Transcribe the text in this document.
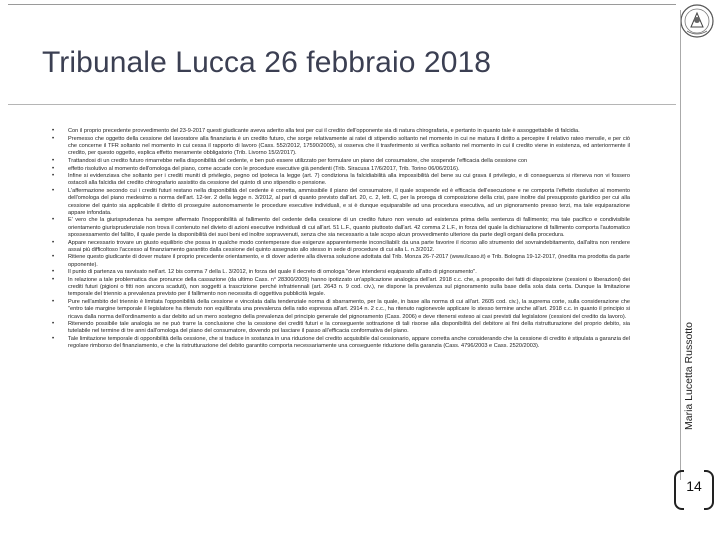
Tribunale Lucca 26 febbraio 2018
Maria Lucetta Russotto
• Con il proprio precedente provvedimento del 23-9-2017 questi giudicante aveva aderito alla tesi per cui il credito dell'opponente sia di natura chirografaria, e pertanto in quanto tale è assoggettabile di falcidia.
• Premesso che oggetto della cessione del lavoratore alla finanziaria è un credito futuro, che sorge relativamente ai ratei di stipendio soltanto nel momento in cui ne matura il diritto a percepire il relativo rateo mensile, e per ciò che concerne il TFR soltanto nel momento in cui cessa il rapporto di lavoro (Cass. 552/2012, 17590/2005), si osserva che il trasferimento si verifica soltanto nel momento in cui il credito viene in esistenza, ed anteriormente il credito, per questo oggetto, esplica effetto meramente obbligatorio (Trib. Livorno 15/2/2017).
• Trattandosi di un credito futuro rimarrebbe nella disponibilità del cedente, e ben può essere utilizzato per formulare un piano del consumatore, che sospende l'efficacia della cessione con
• effetto risolutivo al momento dell'omologa del piano, come accade con le procedure esecutive già pendenti (Trib. Siracusa 17/6/2017, Trib. Torino 06/06/2016).
• Infine si evidenziava che soltanto per i crediti muniti di privilegio, pegno od ipoteca la legge (art. 7) condiziona la falcidiabilità alla impossibilità del bene su cui grava il privilegio, e di conseguenza si riteneva non vi fossero ostacoli alla falcidia del credito chirografario assistito da cessione del quinto di uno stipendio o pensione.
• L'affermazione secondo cui i crediti futuri restano nella disponibilità del cedente è corretta, ammissibile il piano del consumatore, il quale sospende ed è efficacia dell'esecuzione e ne comporta l'effetto risolutivo al momento dell'omologa del piano medesimo a norma dell'art. 12-ter. 2 della legge n. 3/2012, al pari di quanto previsto dall'art. 20, c. 2, lett. C, per la proroga di composizione della crisi, pare inoltre dal presupposto giuridico per cui alla cessione del quinto sia applicabile il diritto di proseguire autonomamente le procedure esecutive individuali, e si è dunque equiparabile ad una procedura esecutiva, ad un pignoramento presso terzi, ma tale equiparazione appare infondata.
• E' vero che la giurisprudenza ha sempre affermato l'inopponibilità al fallimento del cedente della cessione di un credito futuro non venuto ad esistenza prima della sentenza di fallimento; ma tale pacifico e condivisibile orientamento giurisprudenziale non trova il contenuto nel divieto di azioni esecutive individuali di cui all'art. 51 L.F., quanto piuttosto dall'art. 42 comma 2 L.F., in forza del quale la dichiarazione di fallimento comporta l'automatico spossessamento del fallito, il quale perde la disponibilità dei suoi beni ed inoltre sopravvenuti, senza che sia necessario a tale scopo alcun provvedimento ulteriore da parte degli organi della procedura.
• Appare necessario trovare un giusto equilibrio che possa in qualche modo contemperare due esigenze apparentemente inconciliabili: da una parte favorire il ricorso allo strumento del sovraindebitamento, dall'altra non rendere assai più difficoltoso l'accesso al finanziamento garantito dalla cessione del quinto assegnato allo stesso in sede di procedure di cui alla L. n.3/2012.
• Ritiene questo giudicante di dover mutare il proprio precedente orientamento, e di dover aderire alla diversa soluzione adottata dal Trib. Monza 26-7-2017 (www.ilcaso.it) e Trib. Bologna 19-12-2017, (inedita ma prodotta da parte opponente).
• Il punto di partenza va ravvisato nell'art. 12 bis comma 7 della L. 3/2012, in forza del quale il decreto di omologa "deve intendersi equiparato all'atto di pignoramento".
• In relazione a tale problematica due pronunce della cassazione (da ultimo Cass. n° 28300/2005) hanno ipotizzato un'applicazione analogica dell'art. 2918 c.c. che, a proposito dei fatti di disposizione (cessioni o liberazioni) dei crediti futuri (pigioni o fitti non ancora scaduti), non soggetti a trascrizione perché infratriennali (art. 2643 n. 9 cod. civ.), ne dispone la prevalenza sul pignoramento sulla base della sola data certa. Dunque la limitazione temporale del triennio a prevalenza previsto per il fallimento non necessita di oggettiva pubblicità legale.
• Pure nell'ambito del triennio è limitata l'opponibilità della cessione e vincolata dalla tendenziale norma di sbarramento, per la quale, in base alla norma di cui all'art. 2605 cod. civ.), la suprema corte, sulla considerazione che "entro tale margine temporale il legislatore ha ritenuto non equilibrata una prevalenza della ratio espressa all'art. 2914 n. 2 c.c., ha ritenuto ragionevole applicare lo stesso termine anche all'art. 2918 c.c. in quanto il principio si ricava dalla norma dell'ordinamento a dar debito ad un mero sostegno della prevalenza del principio generale del pignoramento (Cass. 2006) e deve ritenersi esteso ai casi previsti dal legislatore (cessioni del credito da lavoro).
• Ritenendo possibile tale analogia se ne può trarre la conclusione che la cessione dei crediti futuri e la conseguente sottrazione di tali risorse alla disponibilità del debitore ai fini della ristrutturazione del proprio debito, sia tutelabile nel termine di tre anni dall'omologa del piano del consumatore, dovendo poi lasciare il passo all'efficacia conformativa del piano.
• Tale limitazione temporale di opponibilità della cessione, che si traduce in sostanza in una riduzione del credito acquisibile dal cessionario, appare corretta anche considerando che la cessione di credito è stipulata a garanzia del regolare rimborso del finanziamento, e che la ristrutturazione del debito garantito comporta necessariamente una conseguente riduzione della garanzia (Cass. 4796/2003 e Cass. 2520/2003).
14
